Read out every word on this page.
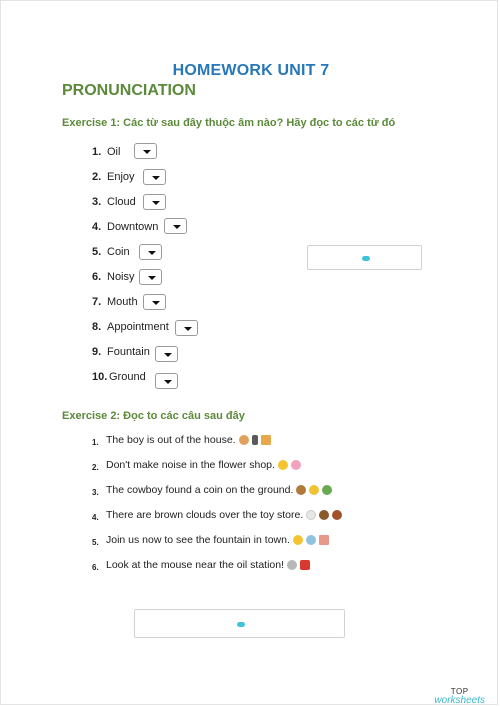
HOMEWORK UNIT 7
PRONUNCIATION
Exercise 1: Các từ sau đây thuộc âm nào? Hãy đọc to các từ đó
1. Oil
2. Enjoy
3. Cloud
4. Downtown
5. Coin
6. Noisy
7. Mouth
8. Appointment
9. Fountain
10. Ground
Exercise 2: Đọc to các câu sau đây
1. The boy is out of the house.
2. Don't make noise in the flower shop.
3. The cowboy found a coin on the ground.
4. There are brown clouds over the toy store.
5. Join us now to see the fountain in town.
6. Look at the mouse near the oil station!
TOP
worksheets
